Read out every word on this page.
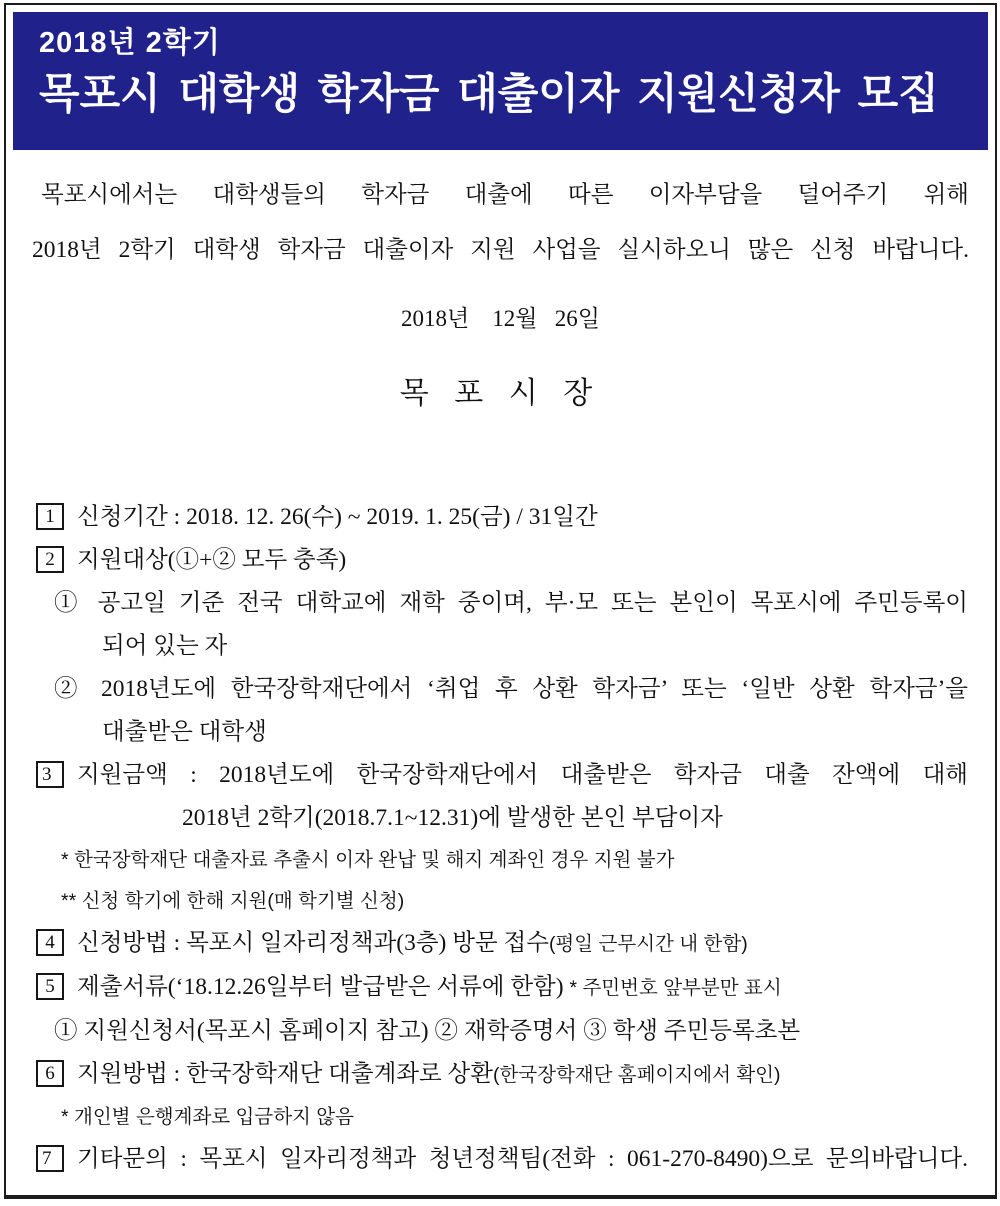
2018년 2학기
목포시 대학생 학자금 대출이자 지원신청자 모집
목포시에서는 대학생들의 학자금 대출에 따른 이자부담을 덜어주기 위해
2018년 2학기 대학생 학자금 대출이자 지원 사업을 실시하오니 많은 신청 바랍니다.
2018년    12월   26일
목 포 시 장
1 신청기간 : 2018. 12. 26(수) ~ 2019. 1. 25(금) / 31일간
2 지원대상(①+② 모두 충족)
① 공고일 기준 전국 대학교에 재학 중이며, 부·모 또는 본인이 목포시에 주민등록이
되어 있는 자
② 2018년도에 한국장학재단에서 ‘취업 후 상환 학자금’ 또는 ‘일반 상환 학자금’을
대출받은 대학생
3 지원금액 : 2018년도에 한국장학재단에서 대출받은 학자금 대출 잔액에 대해
2018년 2학기(2018.7.1~12.31)에 발생한 본인 부담이자
* 한국장학재단 대출자료 추출시 이자 완납 및 해지 계좌인 경우 지원 불가
** 신청 학기에 한해 지원(매 학기별 신청)
4 신청방법 : 목포시 일자리정책과(3층) 방문 접수(평일 근무시간 내 한함)
5 제출서류(‘18.12.26일부터 발급받은 서류에 한함) * 주민번호 앞부분만 표시
① 지원신청서(목포시 홈페이지 참고) ② 재학증명서 ③ 학생 주민등록초본
6 지원방법 : 한국장학재단 대출계좌로 상환(한국장학재단 홈페이지에서 확인)
* 개인별 은행계좌로 입금하지 않음
7 기타문의 : 목포시 일자리정책과 청년정책팀(전화 : 061-270-8490)으로 문의바랍니다.
